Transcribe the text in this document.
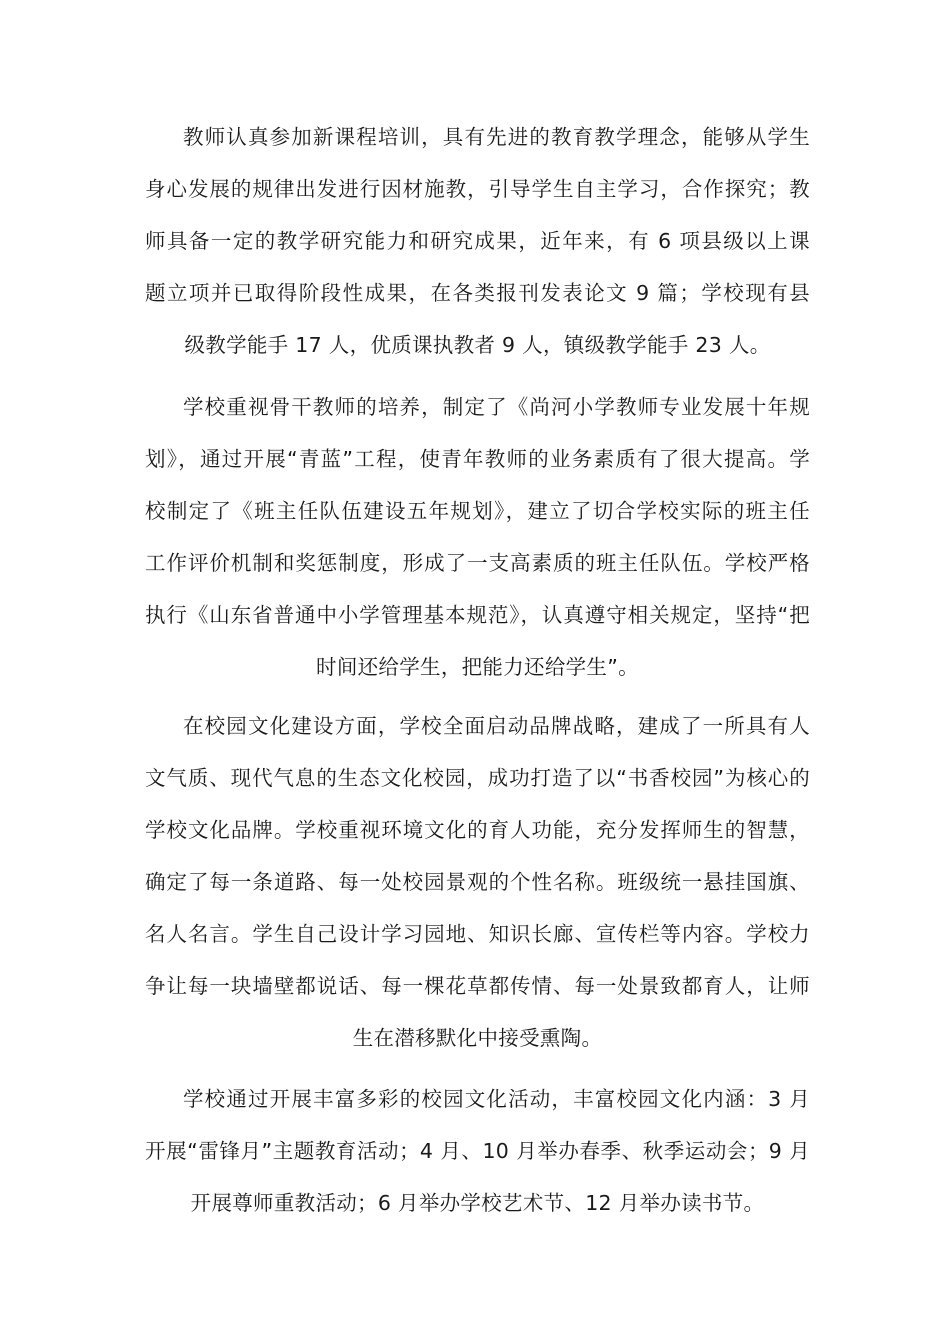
教师认真参加新课程培训，具有先进的教育教学理念，能够从学生
身心发展的规律出发进行因材施教，引导学生自主学习，合作探究；教
师具备一定的教学研究能力和研究成果，近年来，有 6 项县级以上课
题立项并已取得阶段性成果，在各类报刊发表论文 9 篇；学校现有县
级教学能手 17 人，优质课执教者 9 人，镇级教学能手 23 人。
学校重视骨干教师的培养，制定了《尚河小学教师专业发展十年规
划》，通过开展“青蓝”工程，使青年教师的业务素质有了很大提高。学
校制定了《班主任队伍建设五年规划》，建立了切合学校实际的班主任
工作评价机制和奖惩制度，形成了一支高素质的班主任队伍。学校严格
执行《山东省普通中小学管理基本规范》，认真遵守相关规定，坚持“把
时间还给学生，把能力还给学生”。
在校园文化建设方面，学校全面启动品牌战略，建成了一所具有人
文气质、现代气息的生态文化校园，成功打造了以“书香校园”为核心的
学校文化品牌。学校重视环境文化的育人功能，充分发挥师生的智慧，
确定了每一条道路、每一处校园景观的个性名称。班级统一悬挂国旗、
名人名言。学生自己设计学习园地、知识长廊、宣传栏等内容。学校力
争让每一块墙壁都说话、每一棵花草都传情、每一处景致都育人，让师
生在潜移默化中接受熏陶。
学校通过开展丰富多彩的校园文化活动，丰富校园文化内涵：3 月
开展“雷锋月”主题教育活动；4 月、10 月举办春季、秋季运动会；9 月
开展尊师重教活动；6 月举办学校艺术节、12 月举办读书节。
